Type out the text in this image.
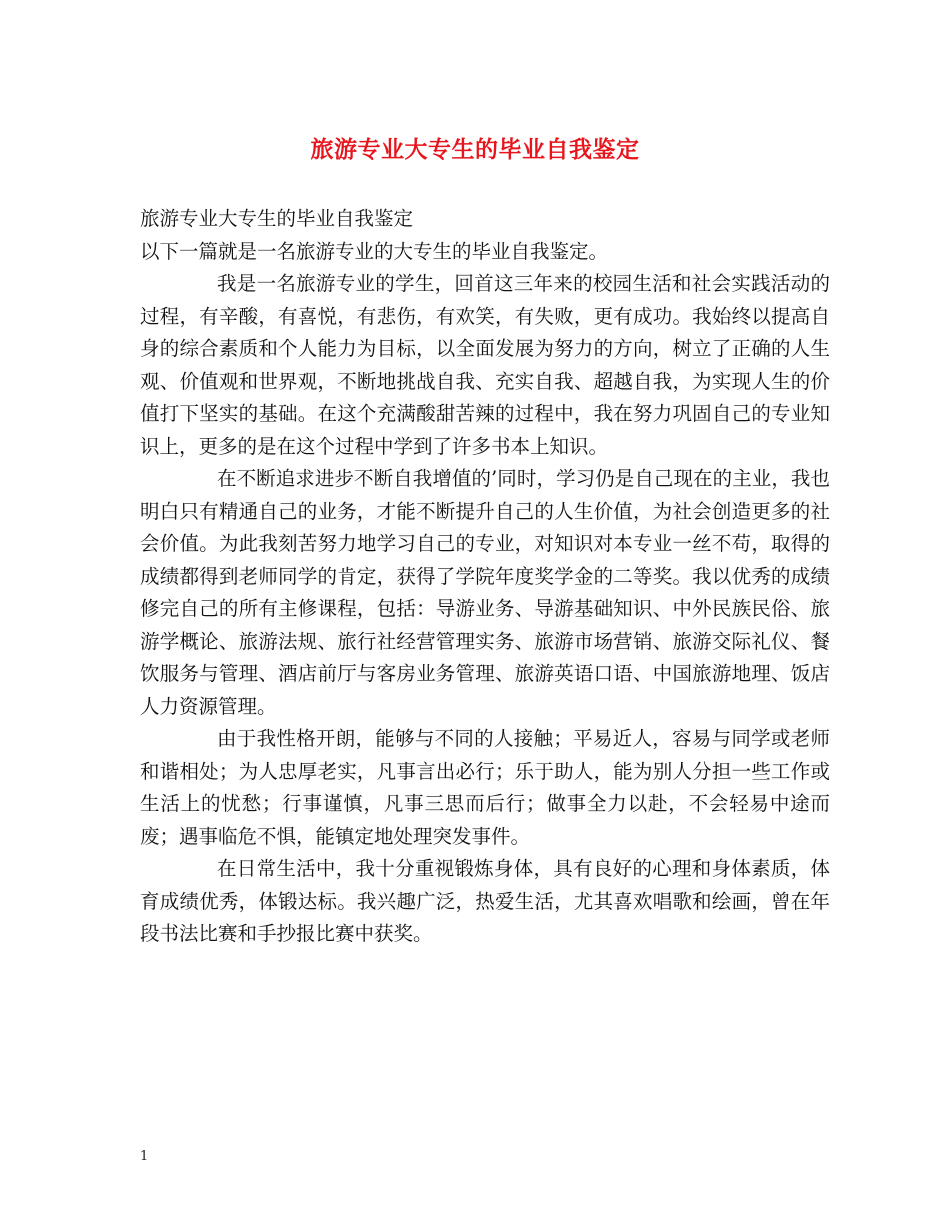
旅游专业大专生的毕业自我鉴定

旅游专业大专生的毕业自我鉴定

以下一篇就是一名旅游专业的大专生的毕业自我鉴定。

我是一名旅游专业的学生，回首这三年来的校园生活和社会实践活动的过程，有辛酸，有喜悦，有悲伤，有欢笑，有失败，更有成功。我始终以提高自身的综合素质和个人能力为目标，以全面发展为努力的方向，树立了正确的人生观、价值观和世界观，不断地挑战自我、充实自我、超越自我，为实现人生的价值打下坚实的基础。在这个充满酸甜苦辣的过程中，我在努力巩固自己的专业知识上，更多的是在这个过程中学到了许多书本上知识。

在不断追求进步不断自我增值的’同时，学习仍是自己现在的主业，我也明白只有精通自己的业务，才能不断提升自己的人生价值，为社会创造更多的社会价值。为此我刻苦努力地学习自己的专业，对知识对本专业一丝不苟，取得的成绩都得到老师同学的肯定，获得了学院年度奖学金的二等奖。我以优秀的成绩修完自己的所有主修课程，包括：导游业务、导游基础知识、中外民族民俗、旅游学概论、旅游法规、旅行社经营管理实务、旅游市场营销、旅游交际礼仪、餐饮服务与管理、酒店前厅与客房业务管理、旅游英语口语、中国旅游地理、饭店人力资源管理。

由于我性格开朗，能够与不同的人接触；平易近人，容易与同学或老师和谐相处；为人忠厚老实，凡事言出必行；乐于助人，能为别人分担一些工作或生活上的忧愁；行事谨慎，凡事三思而后行；做事全力以赴，不会轻易中途而废；遇事临危不惧，能镇定地处理突发事件。

在日常生活中，我十分重视锻炼身体，具有良好的心理和身体素质，体育成绩优秀，体锻达标。我兴趣广泛，热爱生活，尤其喜欢唱歌和绘画，曾在年段书法比赛和手抄报比赛中获奖。

1
